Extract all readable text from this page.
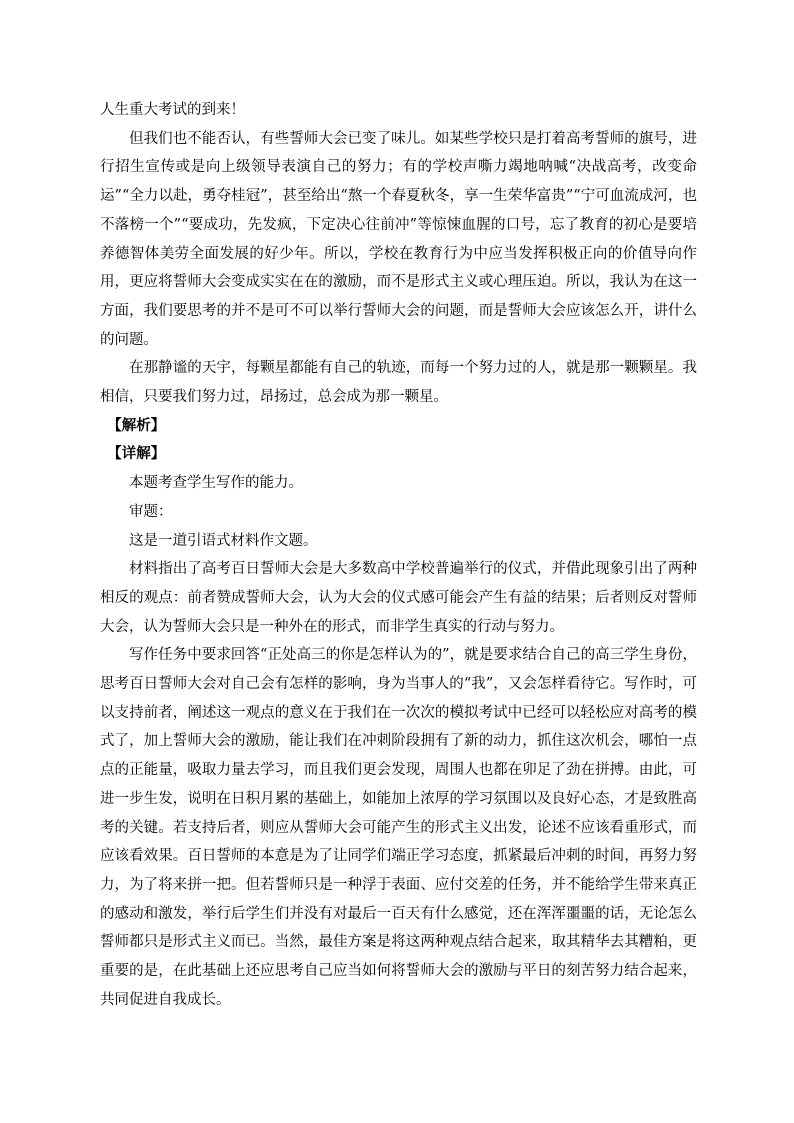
人生重大考试的到来！

但我们也不能否认，有些誓师大会已变了味儿。如某些学校只是打着高考誓师的旗号，进行招生宣传或是向上级领导表演自己的努力；有的学校声嘶力竭地呐喊“决战高考，改变命运”“全力以赴，勇夺桂冠”，甚至给出“熬一个春夏秋冬，享一生荣华富贵”“宁可血流成河，也不落榜一个”“要成功，先发疯，下定决心往前冲”等惊悚血腥的口号，忘了教育的初心是要培养德智体美劳全面发展的好少年。所以，学校在教育行为中应当发挥积极正向的价值导向作用，更应将誓师大会变成实实在在的激励，而不是形式主义或心理压迫。所以，我认为在这一方面，我们要思考的并不是可不可以举行誓师大会的问题，而是誓师大会应该怎么开，讲什么的问题。

在那静谧的天宇，每颗星都能有自己的轨迹，而每一个努力过的人，就是那一颗颗星。我相信，只要我们努力过，昂扬过，总会成为那一颗星。

【解析】

【详解】

本题考查学生写作的能力。

审题：

这是一道引语式材料作文题。

材料指出了高考百日誓师大会是大多数高中学校普遍举行的仪式，并借此现象引出了两种相反的观点：前者赞成誓师大会，认为大会的仪式感可能会产生有益的结果；后者则反对誓师大会，认为誓师大会只是一种外在的形式，而非学生真实的行动与努力。

写作任务中要求回答“正处高三的你是怎样认为的”，就是要求结合自己的高三学生身份，思考百日誓师大会对自己会有怎样的影响，身为当事人的“我”，又会怎样看待它。写作时，可以支持前者，阐述这一观点的意义在于我们在一次次的模拟考试中已经可以轻松应对高考的模式了，加上誓师大会的激励，能让我们在冲刺阶段拥有了新的动力，抓住这次机会，哪怕一点点的正能量，吸取力量去学习，而且我们更会发现，周围人也都在卯足了劲在拼搏。由此，可进一步生发，说明在日积月累的基础上，如能加上浓厚的学习氛围以及良好心态，才是致胜高考的关键。若支持后者，则应从誓师大会可能产生的形式主义出发，论述不应该看重形式，而应该看效果。百日誓师的本意是为了让同学们端正学习态度，抓紧最后冲刺的时间，再努力努力，为了将来拼一把。但若誓师只是一种浮于表面、应付交差的任务，并不能给学生带来真正的感动和激发，举行后学生们并没有对最后一百天有什么感觉，还在浑浑噩噩的话，无论怎么誓师都只是形式主义而已。当然，最佳方案是将这两种观点结合起来，取其精华去其糟粕，更重要的是，在此基础上还应思考自己应当如何将誓师大会的激励与平日的刻苦努力结合起来，共同促进自我成长。
